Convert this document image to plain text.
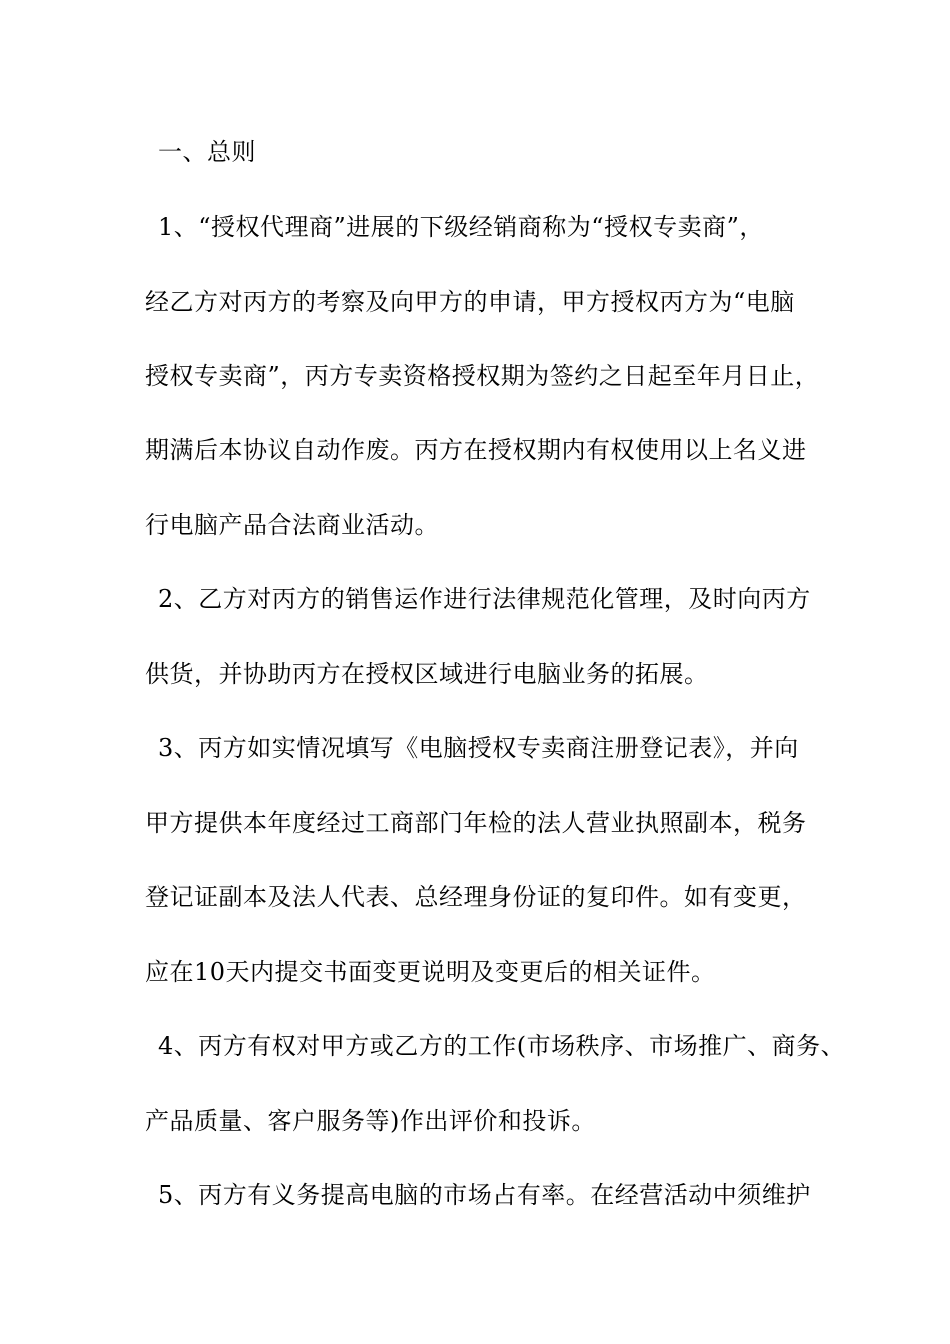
一、总则
1、“授权代理商”进展的下级经销商称为“授权专卖商”，
经乙方对丙方的考察及向甲方的申请，甲方授权丙方为“电脑
授权专卖商”，丙方专卖资格授权期为签约之日起至年月日止，
期满后本协议自动作废。丙方在授权期内有权使用以上名义进
行电脑产品合法商业活动。
2、乙方对丙方的销售运作进行法律规范化管理，及时向丙方
供货，并协助丙方在授权区域进行电脑业务的拓展。
3、丙方如实情况填写《电脑授权专卖商注册登记表》，并向
甲方提供本年度经过工商部门年检的法人营业执照副本，税务
登记证副本及法人代表、总经理身份证的复印件。如有变更，
应在10天内提交书面变更说明及变更后的相关证件。
4、丙方有权对甲方或乙方的工作(市场秩序、市场推广、商务、
产品质量、客户服务等)作出评价和投诉。
5、丙方有义务提高电脑的市场占有率。在经营活动中须维护
